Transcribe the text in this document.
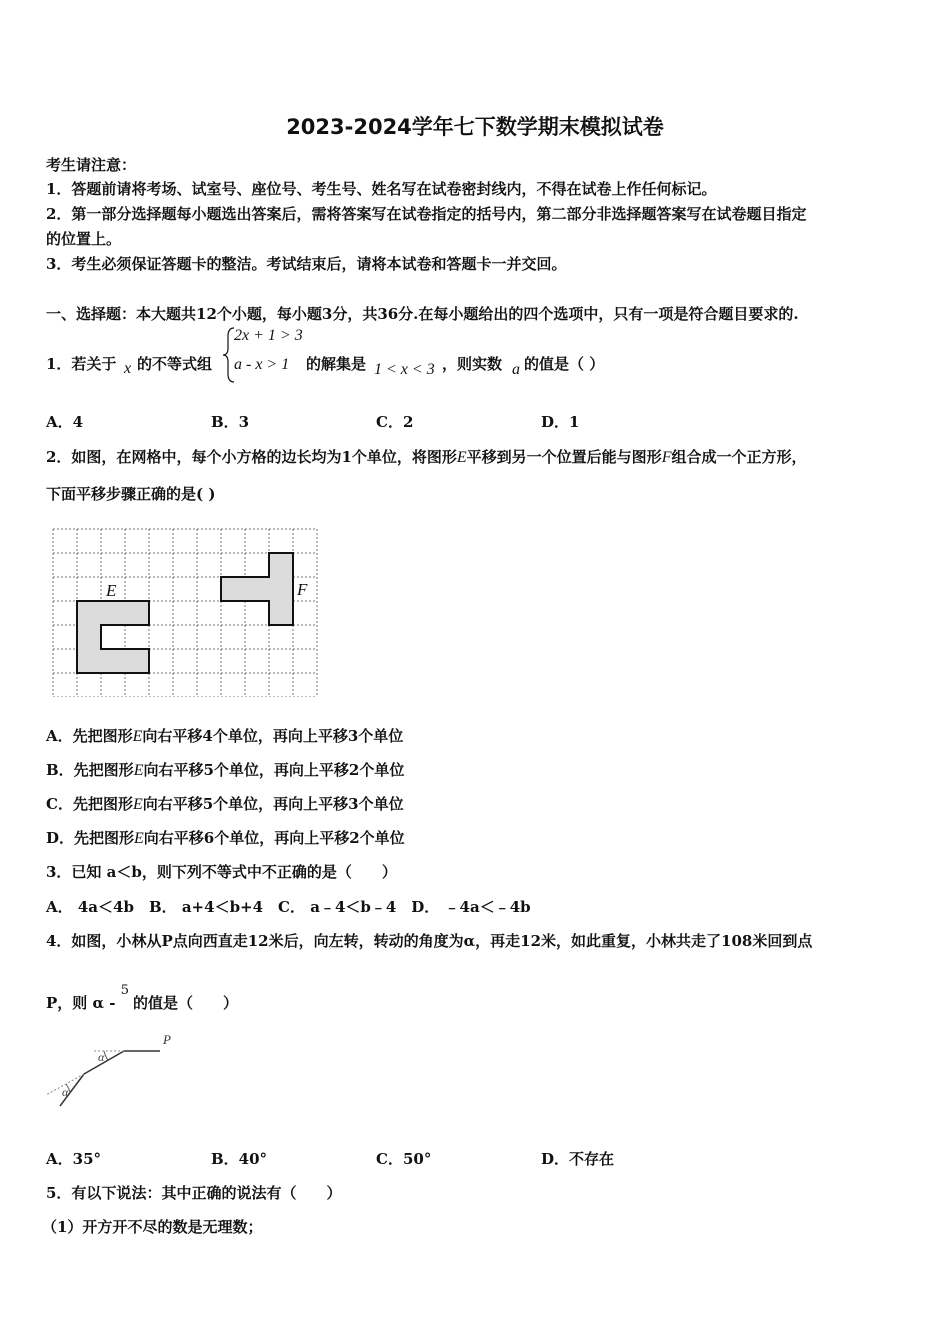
2023-2024学年七下数学期末模拟试卷
考生请注意：
1．答题前请将考场、试室号、座位号、考生号、姓名写在试卷密封线内，不得在试卷上作任何标记。
2．第一部分选择题每小题选出答案后，需将答案写在试卷指定的括号内，第二部分非选择题答案写在试卷题目指定
的位置上。
3．考生必须保证答题卡的整洁。考试结束后，请将本试卷和答题卡一并交回。
一、选择题：本大题共12个小题，每小题3分，共36分.在每小题给出的四个选项中，只有一项是符合题目要求的.
1．若关于 x 的不等式组
2x + 1 > 3
a - x > 1 的解集是 1 < x < 3 ，则实数 a 的值是（ ）
A．4	B．3	C．2	D．1
2．如图，在网格中，每个小方格的边长均为1个单位，将图形E平移到另一个位置后能与图形F组合成一个正方形，
下面平移步骤正确的是( )
E	F
A．先把图形E向右平移4个单位，再向上平移3个单位
B．先把图形E向右平移5个单位，再向上平移2个单位
C．先把图形E向右平移5个单位，再向上平移3个单位
D．先把图形E向右平移6个单位，再向上平移2个单位
3．已知 a＜b，则下列不等式中不正确的是（　　）
A． 4a＜4b　B． a+4＜b+4　C． a﹣4＜b﹣4　D． ﹣4a＜﹣4b
4．如图，小林从P点向西直走12米后，向左转，转动的角度为α，再走12米，如此重复，小林共走了108米回到点
P，则 α - 5的值是（　　）
P
α
α
A．35°	B．40°	C．50°	D．不存在
5．有以下说法：其中正确的说法有（　　）
（1）开方开不尽的数是无理数；
